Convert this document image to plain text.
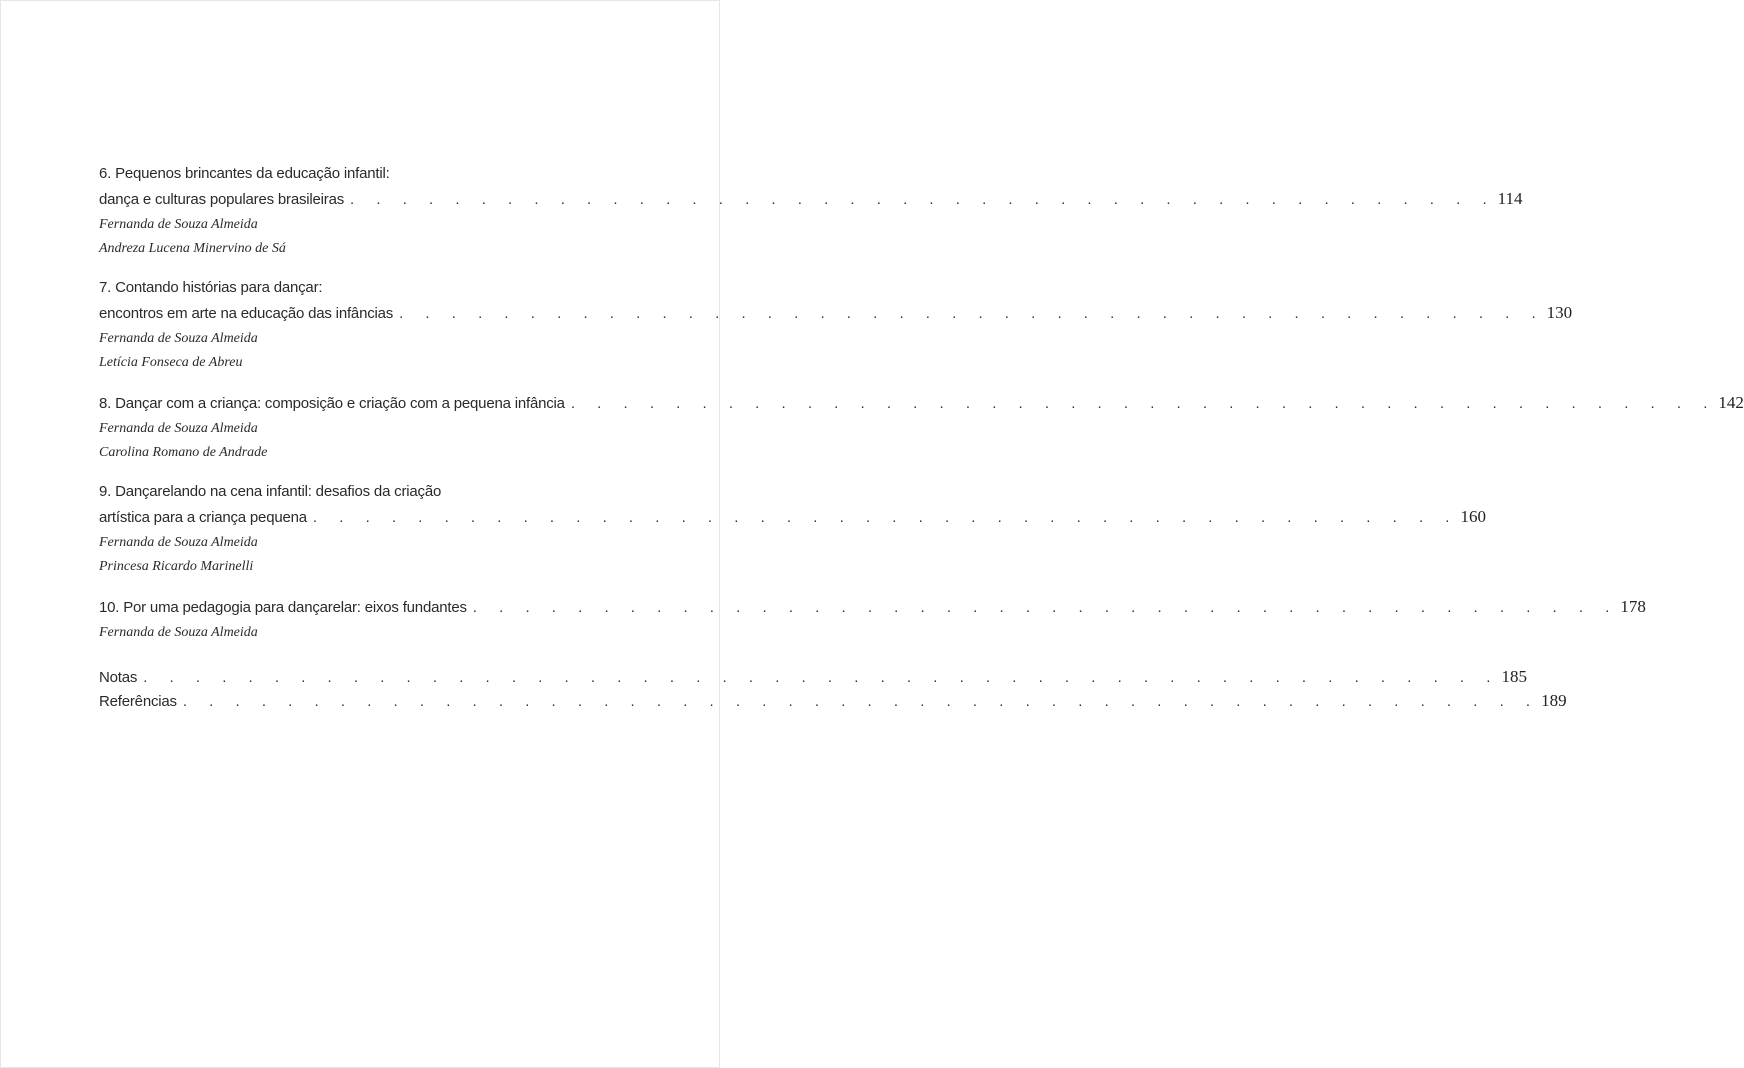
6. Pequenos brincantes da educação infantil:
dança e culturas populares brasileiras . . . . . . . . . . . . . . . . . . . . . . . . . . . . . . . . . . . . . . . . . . . . 114
Fernanda de Souza Almeida
Andreza Lucena Minervino de Sá
7. Contando histórias para dançar:
encontros em arte na educação das infâncias . . . . . . . . . . . . . . . . . . . . . . . . . . . . . . . . . . . . . . . . . . . . 130
Fernanda de Souza Almeida
Letícia Fonseca de Abreu
8. Dançar com a criança: composição e criação com a pequena infância . . . . . . . . . . . . . . . . . . . . . . . . . . . . . . . . . . . . . . . . . . . . 142
Fernanda de Souza Almeida
Carolina Romano de Andrade
9. Dançarelando na cena infantil: desafios da criação
artística para a criança pequena . . . . . . . . . . . . . . . . . . . . . . . . . . . . . . . . . . . . . . . . . . . . 160
Fernanda de Souza Almeida
Princesa Ricardo Marinelli
10. Por uma pedagogia para dançarelar: eixos fundantes . . . . . . . . . . . . . . . . . . . . . . . . . . . . . . . . . . . . . . . . . . . . 178
Fernanda de Souza Almeida
Notas . . . . . . . . . . . . . . . . . . . . . . . . . . . . . . . . . . . . . . . . . . . . . . . . . . . . 185
Referências . . . . . . . . . . . . . . . . . . . . . . . . . . . . . . . . . . . . . . . . . . . . . . . . . . . . 189
